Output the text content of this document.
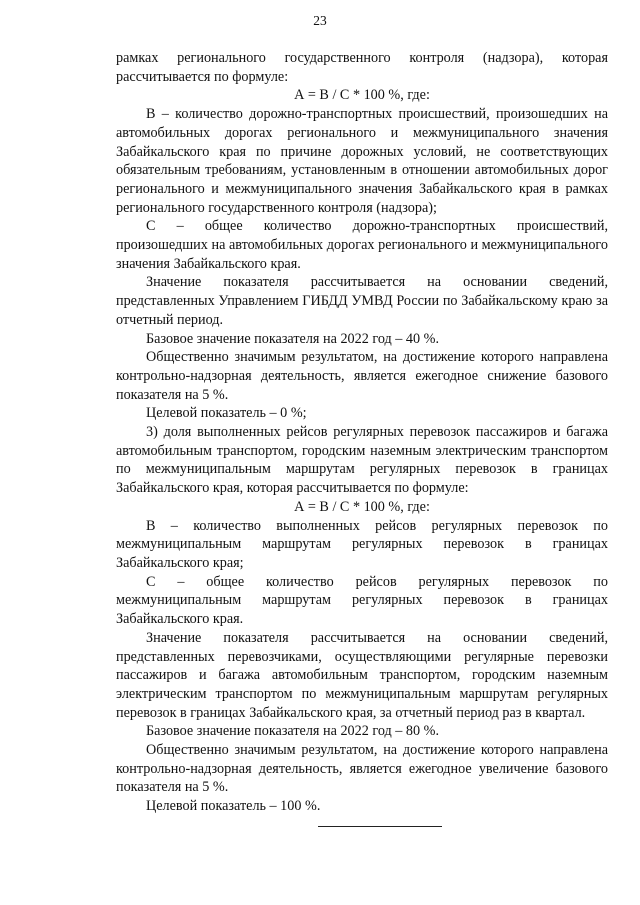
23

рамках регионального государственного контроля (надзора), которая рассчитывается по формуле:

А = В / С * 100 %, где:

В – количество дорожно-транспортных происшествий, произошедших на автомобильных дорогах регионального и межмуниципального значения Забайкальского края по причине дорожных условий, не соответствующих обязательным требованиям, установленным в отношении автомобильных дорог регионального и межмуниципального значения Забайкальского края в рамках регионального государственного контроля (надзора);

С – общее количество дорожно-транспортных происшествий, произошедших на автомобильных дорогах регионального и межмуниципального значения Забайкальского края.

Значение показателя рассчитывается на основании сведений, представленных Управлением ГИБДД УМВД России по Забайкальскому краю за отчетный период.

Базовое значение показателя на 2022 год – 40 %.

Общественно значимым результатом, на достижение которого направлена контрольно-надзорная деятельность, является ежегодное снижение базового показателя на 5 %.

Целевой показатель – 0 %;

3) доля выполненных рейсов регулярных перевозок пассажиров и багажа автомобильным транспортом, городским наземным электрическим транспортом по межмуниципальным маршрутам регулярных перевозок в границах Забайкальского края, которая рассчитывается по формуле:

А = В / С * 100 %, где:

В – количество выполненных рейсов регулярных перевозок по межмуниципальным маршрутам регулярных перевозок в границах Забайкальского края;

С – общее количество рейсов регулярных перевозок по межмуниципальным маршрутам регулярных перевозок в границах Забайкальского края.

Значение показателя рассчитывается на основании сведений, представленных перевозчиками, осуществляющими регулярные перевозки пассажиров и багажа автомобильным транспортом, городским наземным электрическим транспортом по межмуниципальным маршрутам регулярных перевозок в границах Забайкальского края, за отчетный период раз в квартал.

Базовое значение показателя на 2022 год – 80 %.

Общественно значимым результатом, на достижение которого направлена контрольно-надзорная деятельность, является ежегодное увеличение базового показателя на 5 %.

Целевой показатель – 100 %.
